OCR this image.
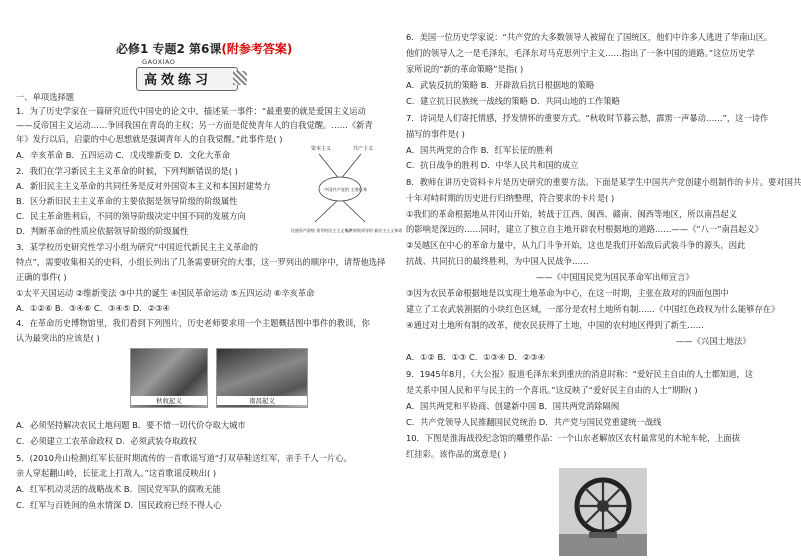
必修1 专题2 第6课(附参考答案)
GAOXIAO
高效练习
一、单项选择题
1．为了历史学家在一篇研究近代中国史的论文中，描述某一事件：“最重要的就是爱国主义运动
——反帝国主义运动……争回我国在青岛的主权；另一方面是促使青年人的自我觉醒。……《新青
年》发行以后，启蒙的中心思想就是强调青年人的自我觉醒。”此事件是( )
A．辛亥革命 B．五四运动 C．戊戌维新变 D．文化大革命
2．我们在学习新民主主义革命的时候，下列判断错误的是( )
A．新旧民主主义革命的共同任务是反对外国资本主义和本国封建势力
B．区分新旧民主主义革命的主要依据是领导阶级的阶级属性
C．民主革命胜利后，不同的领导阶级决定中国不同的发展方向
D．判断革命的性质应依据领导阶级的阶级属性
3．某学校历史研究性学习小组为研究“中国近代新民主主义革命的
特点”，需要收集相关的史料，小组长列出了几条需要研究的大事，这一罗列出的顺序中，请帮他选择
正确的事件( )
①太平天国运动 ②维新变法 ③中共的诞生 ④国民革命运动 ⑤五四运动 ⑥辛亥革命
A．①②⑥ B．③④⑥ C．③④⑤ D．②③④
4．在革命历史博物馆里，我们看到下列图片，历史老师要求用一个主题概括图中事件的教训，你
认为最突出的应该是( )
秋收起义	南昌起义
A．必须坚持解决农民土地问题 B．要不惜一切代价夺取大城市
C．必须建立工农革命政权 D．必须武装夺取政权
5．(2010舟山检测)红军长征时期流传的一首歌谣写道“打双草鞋送红军，亲手千人一片心。
亲人穿起翻山岭，长征北上打敌人。”这首歌谣反映出( )
A．红军机动灵活的战略战术 B．国民党军队的腐败无能
C．红军与百姓间的鱼水情深 D．国民政府已经不得人心
资本主义	共产主义
中国共产党的 主要任务
民族资产阶级 领导的民主主义革命
无产阶级领导的 新民主主义革命
6．美国一位历史学家说：“共产党的大多数领导人被留在了国统区，他们中许多人逃进了华南山区。
他们的领导人之一是毛泽东，毛泽东对马克思列宁主义……指出了一条中国的道路。”这位历史学
家所说的“新的革命策略”是指( )
A．武装反抗的策略 B．开辟敌后抗日根据地的策略
C．建立抗日民族统一战线的策略 D．共同山地的工作策略
7．诗词是人们寄托情感，抒发情怀的重要方式。“秋收时节暮云愁，霹雳一声暴动……”，这一诗作
描写的事件是( )
A．国共两党的合作 B．红军长征的胜利
C．抗日战争的胜利 D．中华人民共和国的成立
8．教师在讲历史资料卡片是历史研究的重要方法。下面是某学生中国共产党创建小组制作的卡片。要对国共
十年对峙时期的历史进行归纳整理，符合要求的卡片是( )
①我们的革命根据地从井冈山开始，转战于江西、闽西、赣南、闽西等地区，所以南昌起义
的影响是深远的……同时，建立了独立自主地开辟农村根据地的道路……——《“八一”南昌起义》
②吴越区在中心的革命力量中，从九门斗争开始，这也是我们开始敌后武装斗争的源头，因此
抗战、共同抗日的最终胜利，为中国人民战争……
——《中国国民党为国民革命军出师宣言》
③因为农民革命根据地是以实现土地革命为中心，在这一时期，主张在敌对的四面包围中
建立了工农武装割据的小块红色区域，一部分是农村土地所有制……《中国红色政权为什么能够存在》
④通过对土地所有制的改革，使农民获得了土地，中国的农村地区得到了新生……
——《兴国土地法》
A．①② B．①③ C．①③④ D．②③④
9．1945年8月，《大公报》报道毛泽东来到重庆的消息时称：“爱好民主自由的人士都知道，这
是关系中国人民和平与民主的一个喜讯。”这反映了“爱好民主自由的人士”期盼( )
A．国共两党和平协商、创建新中国 B．国共两党消除隔阂
C．共产党领导人民推翻国民党统治 D．共产党与国民党重建统一战线
10．下图是淮海战役纪念馆的雕塑作品：一个山东老解放区农村最常见的木轮车轮，上面拔
红挂彩。该作品的寓意是( )
